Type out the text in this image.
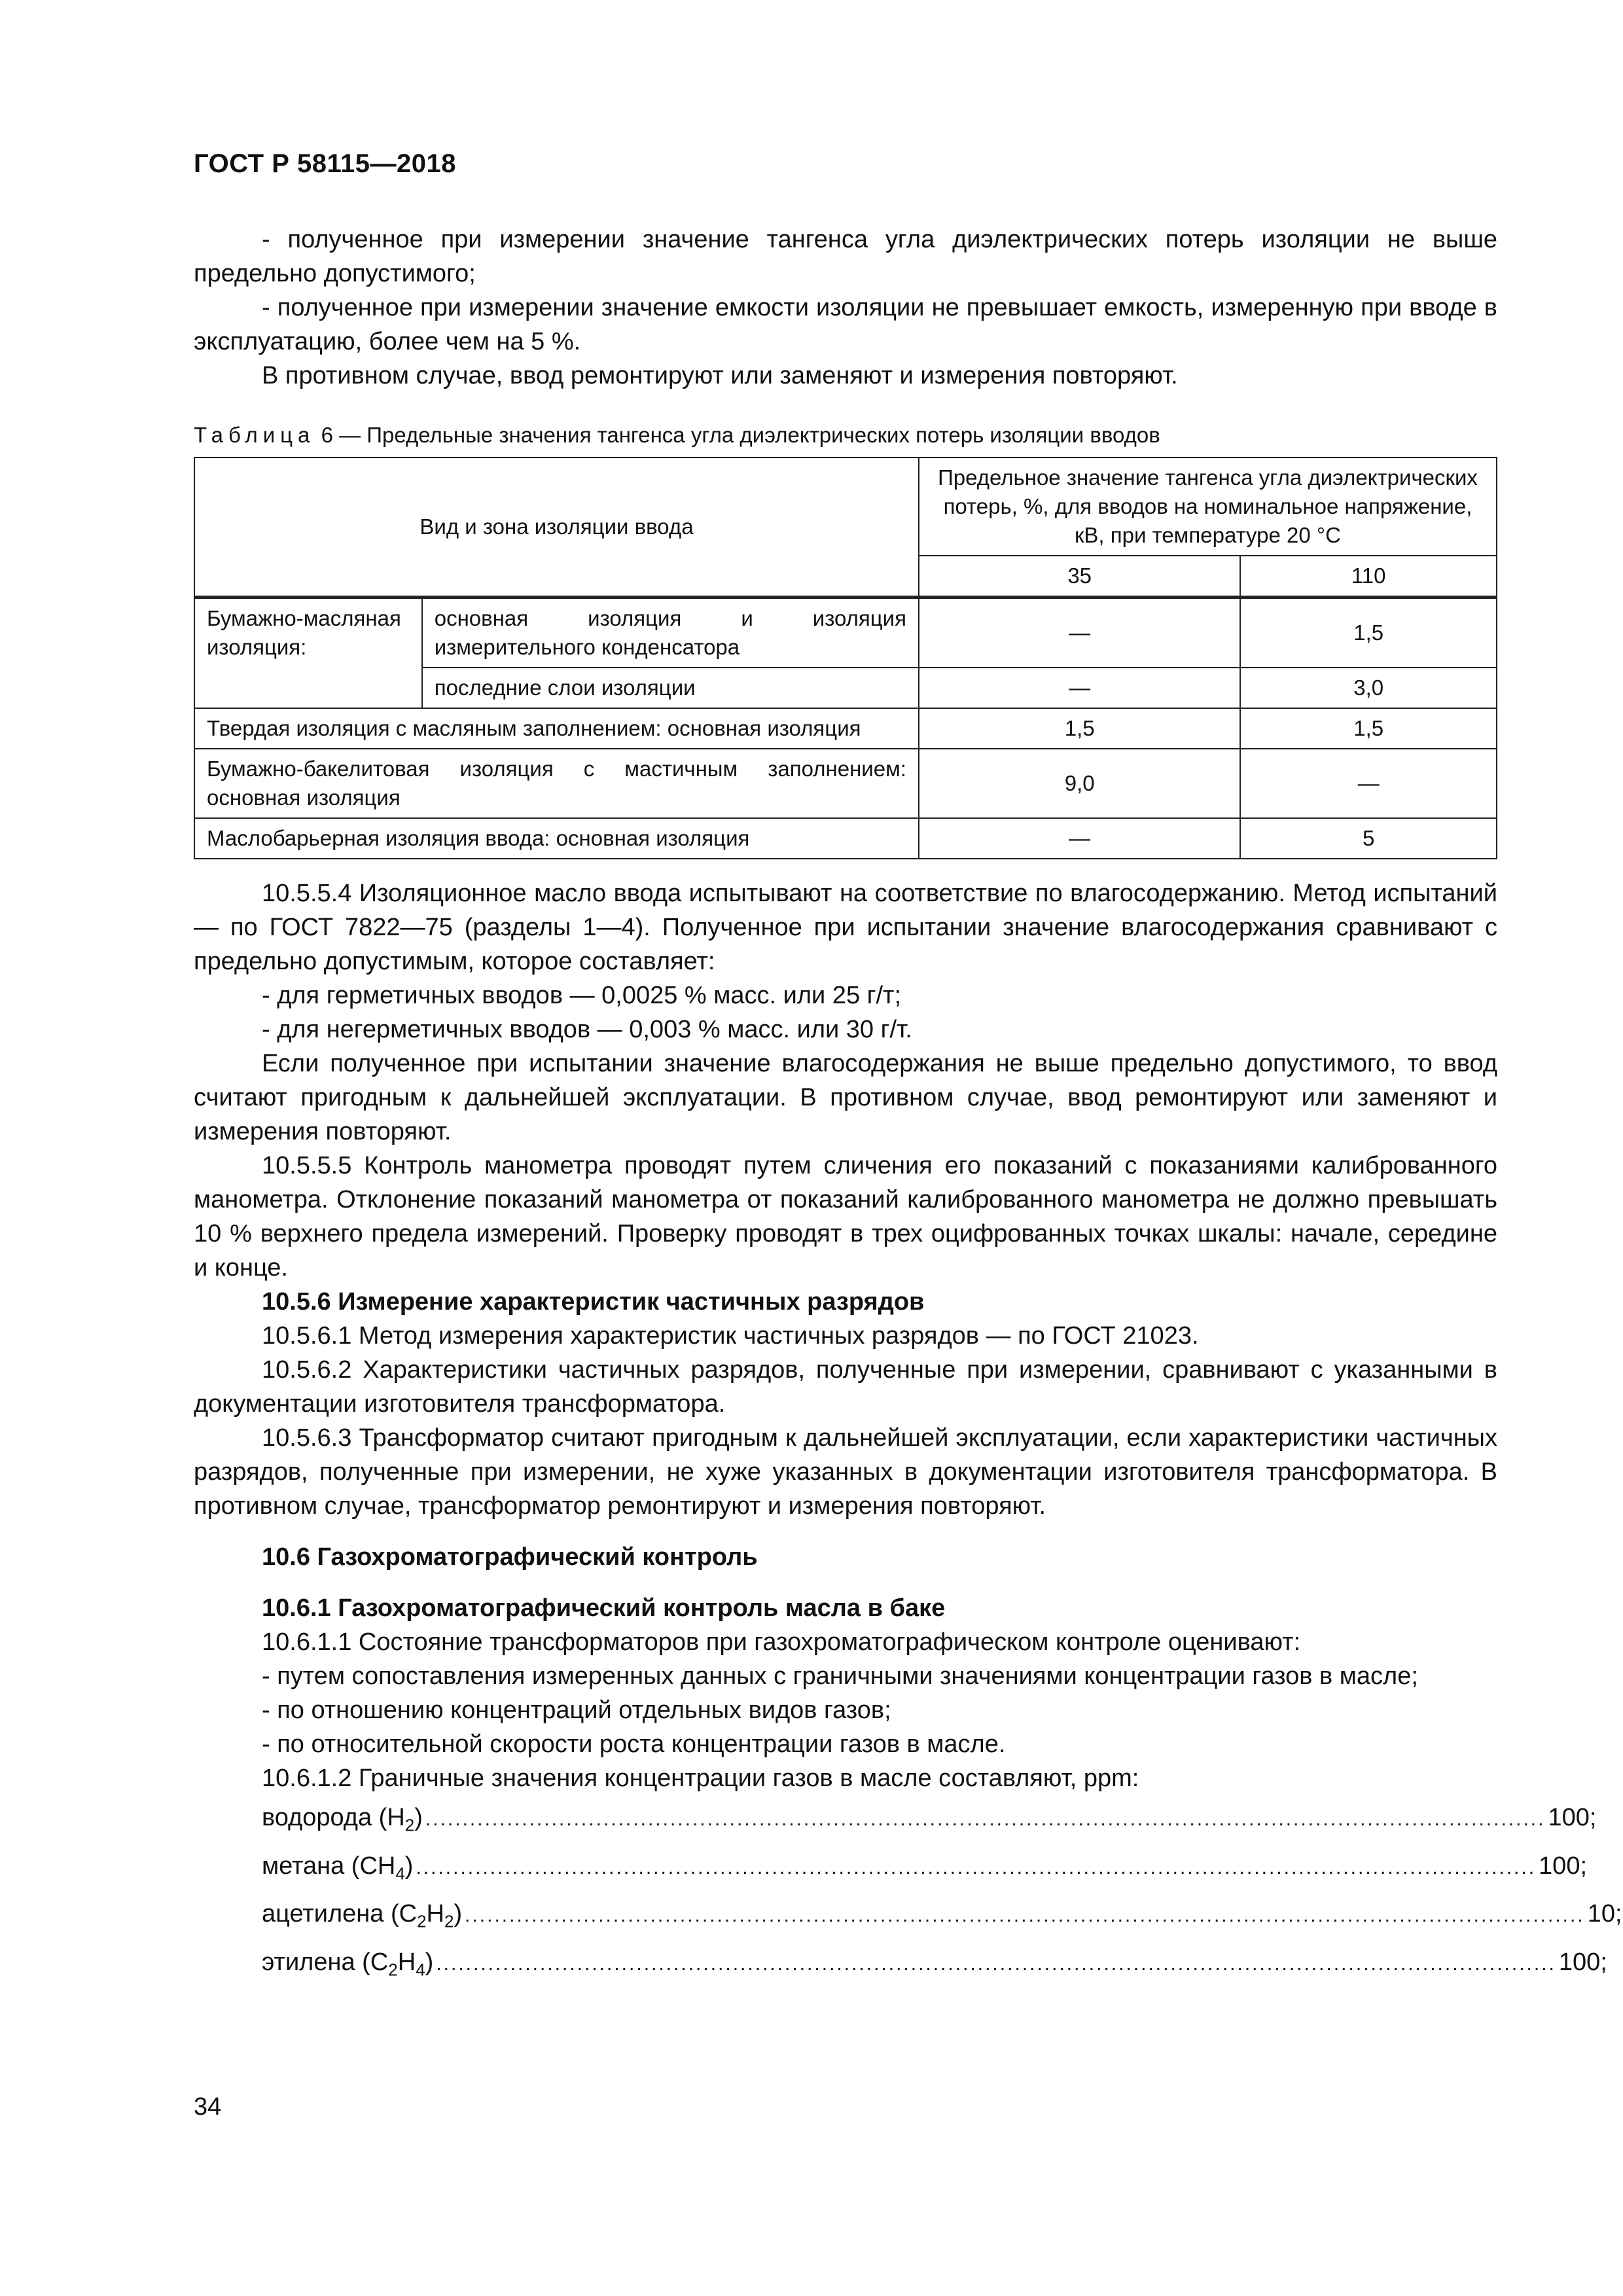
ГОСТ Р 58115—2018

- полученное при измерении значение тангенса угла диэлектрических потерь изоляции не выше предельно допустимого;

- полученное при измерении значение емкости изоляции не превышает емкость, измеренную при вводе в эксплуатацию, более чем на 5 %.

В противном случае, ввод ремонтируют или заменяют и измерения повторяют.

Таблица 6 — Предельные значения тангенса угла диэлектрических потерь изоляции вводов
Вид и зона изоляции ввода		Предельное значение тангенса угла диэлектрических потерь, %, для вводов на номинальное напряжение, кВ, при температуре 20 °С	
		35	110
Бумажно-масляная изоляция:	основная изоляция и изоляция измерительного конденсатора	—	1,5
	последние слои изоляции	—	3,0
Твердая изоляция с масляным заполнением: основная изоляция		1,5	1,5
Бумажно-бакелитовая изоляция с мастичным заполнением: основная изоляция		9,0	—
Маслобарьерная изоляция ввода: основная изоляция		—	5

10.5.5.4 Изоляционное масло ввода испытывают на соответствие по влагосодержанию. Метод испытаний — по ГОСТ 7822—75 (разделы 1—4). Полученное при испытании значение влагосодержания сравнивают с предельно допустимым, которое составляет:

- для герметичных вводов — 0,0025 % масс. или 25 г/т;

- для негерметичных вводов — 0,003 % масс. или 30 г/т.

Если полученное при испытании значение влагосодержания не выше предельно допустимого, то ввод считают пригодным к дальнейшей эксплуатации. В противном случае, ввод ремонтируют или заменяют и измерения повторяют.

10.5.5.5 Контроль манометра проводят путем сличения его показаний с показаниями калиброванного манометра. Отклонение показаний манометра от показаний калиброванного манометра не должно превышать 10 % верхнего предела измерений. Проверку проводят в трех оцифрованных точках шкалы: начале, середине и конце.

10.5.6 Измерение характеристик частичных разрядов

10.5.6.1 Метод измерения характеристик частичных разрядов — по ГОСТ 21023.

10.5.6.2 Характеристики частичных разрядов, полученные при измерении, сравнивают с указанными в документации изготовителя трансформатора.

10.5.6.3 Трансформатор считают пригодным к дальнейшей эксплуатации, если характеристики частичных разрядов, полученные при измерении, не хуже указанных в документации изготовителя трансформатора. В противном случае, трансформатор ремонтируют и измерения повторяют.

10.6 Газохроматографический контроль

10.6.1 Газохроматографический контроль масла в баке

10.6.1.1 Состояние трансформаторов при газохроматографическом контроле оценивают:

- путем сопоставления измеренных данных с граничными значениями концентрации газов в масле;

- по отношению концентраций отдельных видов газов;

- по относительной скорости роста концентрации газов в масле.

10.6.1.2 Граничные значения концентрации газов в масле составляют, ppm:

водорода $(H_2)$ ....................................................................................................................................................... 100;
метана $(CH_4)$ ....................................................................................................................................................... 100;
ацетилена $(C_2H_2)$ ....................................................................................................................................................... 10;
этилена $(C_2H_4)$ ....................................................................................................................................................... 100;
34
